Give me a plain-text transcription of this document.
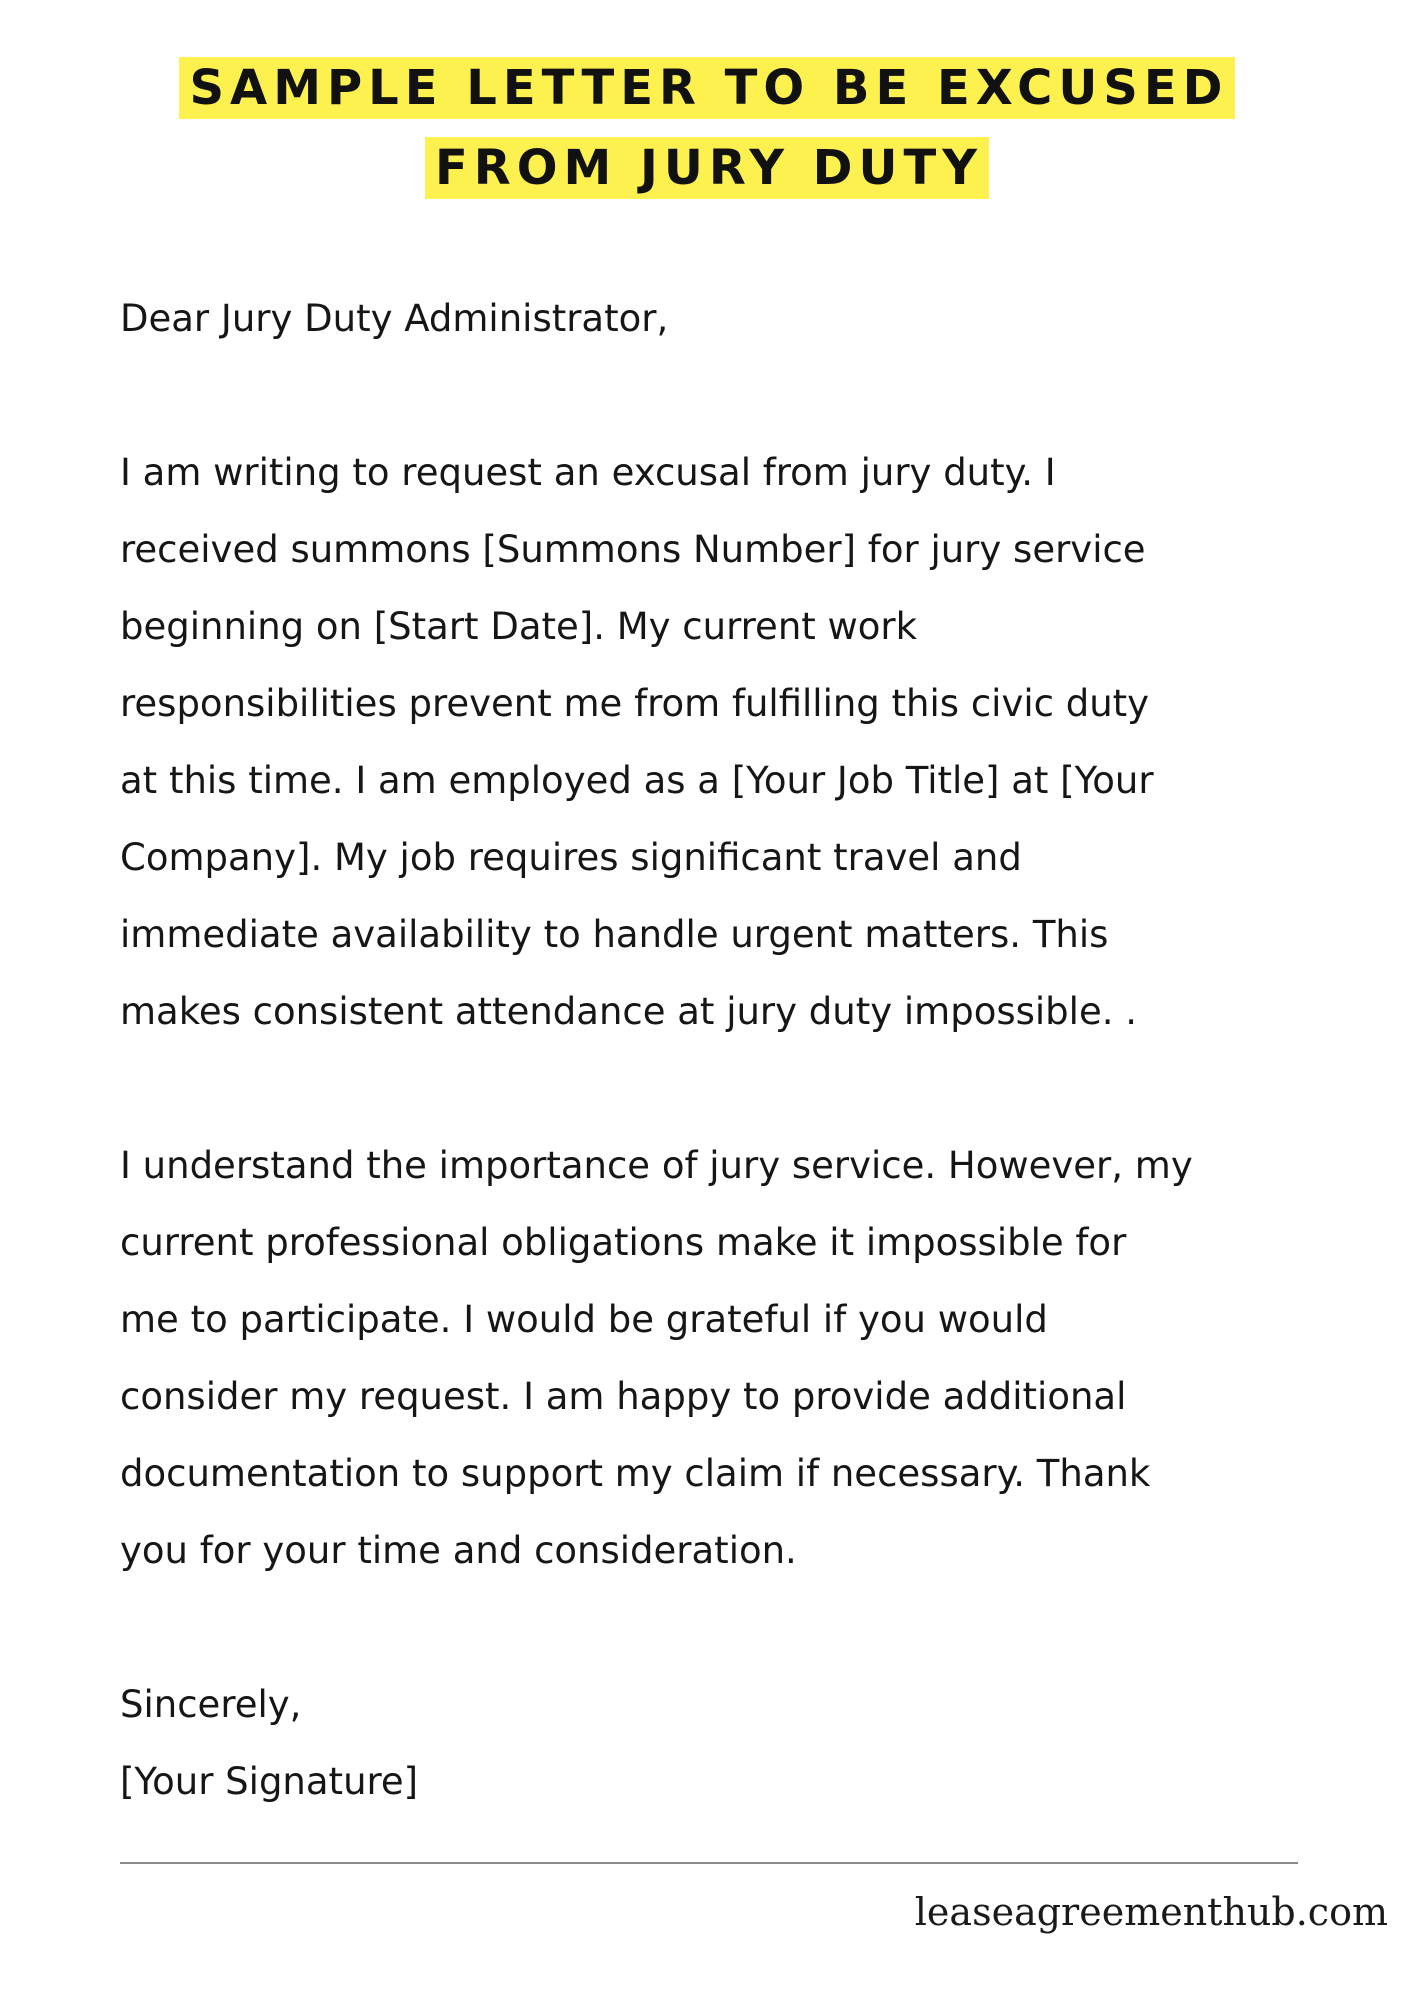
SAMPLE LETTER TO BE EXCUSED
FROM JURY DUTY

Dear Jury Duty Administrator,

I am writing to request an excusal from jury duty. I

received summons [Summons Number] for jury service

beginning on [Start Date]. My current work

responsibilities prevent me from fulfilling this civic duty

at this time. I am employed as a [Your Job Title] at [Your

Company]. My job requires significant travel and

immediate availability to handle urgent matters. This

makes consistent attendance at jury duty impossible. .

I understand the importance of jury service. However, my

current professional obligations make it impossible for

me to participate. I would be grateful if you would

consider my request. I am happy to provide additional

documentation to support my claim if necessary. Thank

you for your time and consideration.

Sincerely,

[Your Signature]

leaseagreementhub.com
